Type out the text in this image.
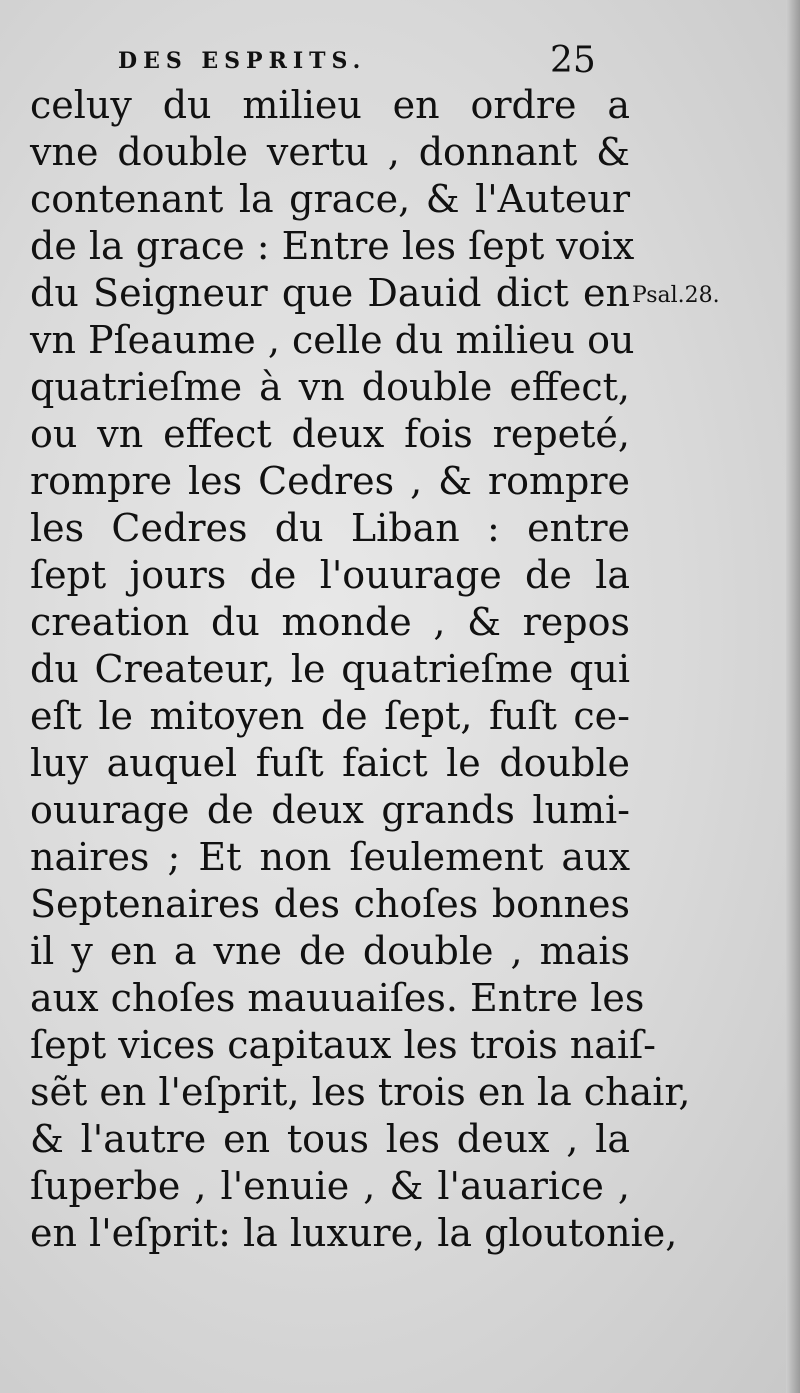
DES ESPRITS.	25
celuy du milieu en ordre a
vne double vertu , donnant &
contenant la grace, & l'Auteur
de la grace : Entre les ſept voix
du Seigneur que Dauid dict en
vn Pſeaume , celle du milieu ou
quatrieſme à vn double effect,
ou vn effect deux fois repeté,
rompre les Cedres , & rompre
les Cedres du Liban : entre
ſept jours de l'ouurage de la
creation du monde , & repos
du Createur, le quatrieſme qui
eſt le mitoyen de ſept, fuſt ce-
luy auquel fuſt faict le double
ouurage de deux grands lumi-
naires ; Et non ſeulement aux
Septenaires des choſes bonnes
il y en a vne de double , mais
aux choſes mauuaiſes. Entre les
ſept vices capitaux les trois naiſ-
sẽt en l'eſprit, les trois en la chair,
& l'autre en tous les deux , la
ſuperbe , l'enuie , & l'auarice ,
en l'eſprit: la luxure, la gloutonie,
Psal.28.
